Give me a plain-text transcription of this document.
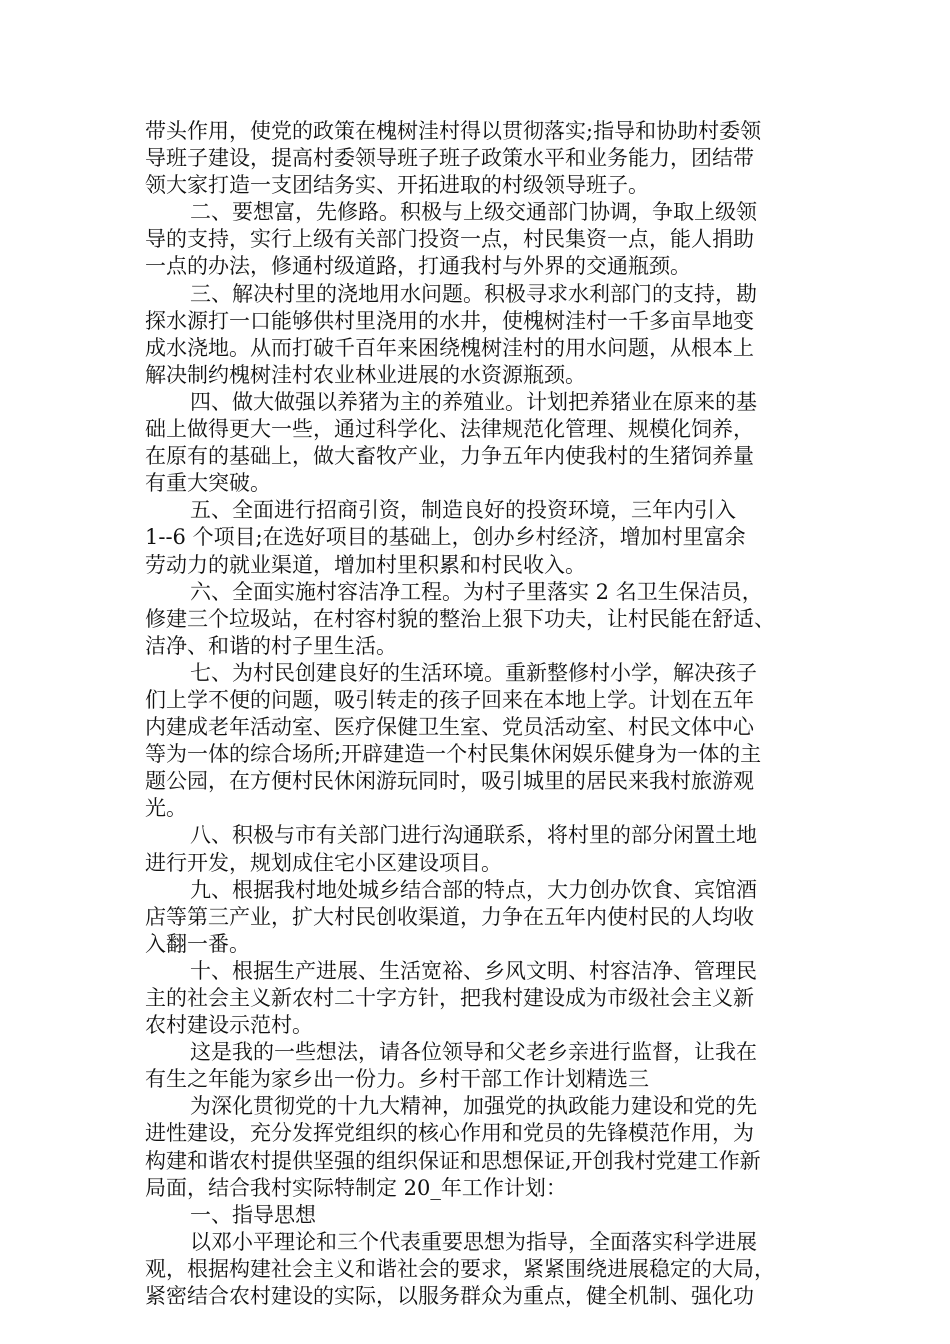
带头作用，使党的政策在槐树洼村得以贯彻落实;指导和协助村委领
导班子建设，提高村委领导班子班子政策水平和业务能力，团结带
领大家打造一支团结务实、开拓进取的村级领导班子。
二、要想富，先修路。积极与上级交通部门协调，争取上级领
导的支持，实行上级有关部门投资一点，村民集资一点，能人捐助
一点的办法，修通村级道路，打通我村与外界的交通瓶颈。
三、解决村里的浇地用水问题。积极寻求水利部门的支持，勘
探水源打一口能够供村里浇用的水井，使槐树洼村一千多亩旱地变
成水浇地。从而打破千百年来困绕槐树洼村的用水问题，从根本上
解决制约槐树洼村农业林业进展的水资源瓶颈。
四、做大做强以养猪为主的养殖业。计划把养猪业在原来的基
础上做得更大一些，通过科学化、法律规范化管理、规模化饲养，
在原有的基础上，做大畜牧产业，力争五年内使我村的生猪饲养量
有重大突破。
五、全面进行招商引资，制造良好的投资环境，三年内引入
1--6 个项目;在选好项目的基础上，创办乡村经济，增加村里富余
劳动力的就业渠道，增加村里积累和村民收入。
六、全面实施村容洁净工程。为村子里落实 2 名卫生保洁员，
修建三个垃圾站，在村容村貌的整治上狠下功夫，让村民能在舒适、
洁净、和谐的村子里生活。
七、为村民创建良好的生活环境。重新整修村小学，解决孩子
们上学不便的问题，吸引转走的孩子回来在本地上学。计划在五年
内建成老年活动室、医疗保健卫生室、党员活动室、村民文体中心
等为一体的综合场所;开辟建造一个村民集休闲娱乐健身为一体的主
题公园，在方便村民休闲游玩同时，吸引城里的居民来我村旅游观
光。
八、积极与市有关部门进行沟通联系，将村里的部分闲置土地
进行开发，规划成住宅小区建设项目。
九、根据我村地处城乡结合部的特点，大力创办饮食、宾馆酒
店等第三产业，扩大村民创收渠道，力争在五年内使村民的人均收
入翻一番。
十、根据生产进展、生活宽裕、乡风文明、村容洁净、管理民
主的社会主义新农村二十字方针，把我村建设成为市级社会主义新
农村建设示范村。
这是我的一些想法，请各位领导和父老乡亲进行监督，让我在
有生之年能为家乡出一份力。乡村干部工作计划精选三
为深化贯彻党的十九大精神，加强党的执政能力建设和党的先
进性建设，充分发挥党组织的核心作用和党员的先锋模范作用，为
构建和谐农村提供坚强的组织保证和思想保证,开创我村党建工作新
局面，结合我村实际特制定 20_年工作计划：
一、指导思想
以邓小平理论和三个代表重要思想为指导，全面落实科学进展
观，根据构建社会主义和谐社会的要求，紧紧围绕进展稳定的大局，
紧密结合农村建设的实际，以服务群众为重点，健全机制、强化功
